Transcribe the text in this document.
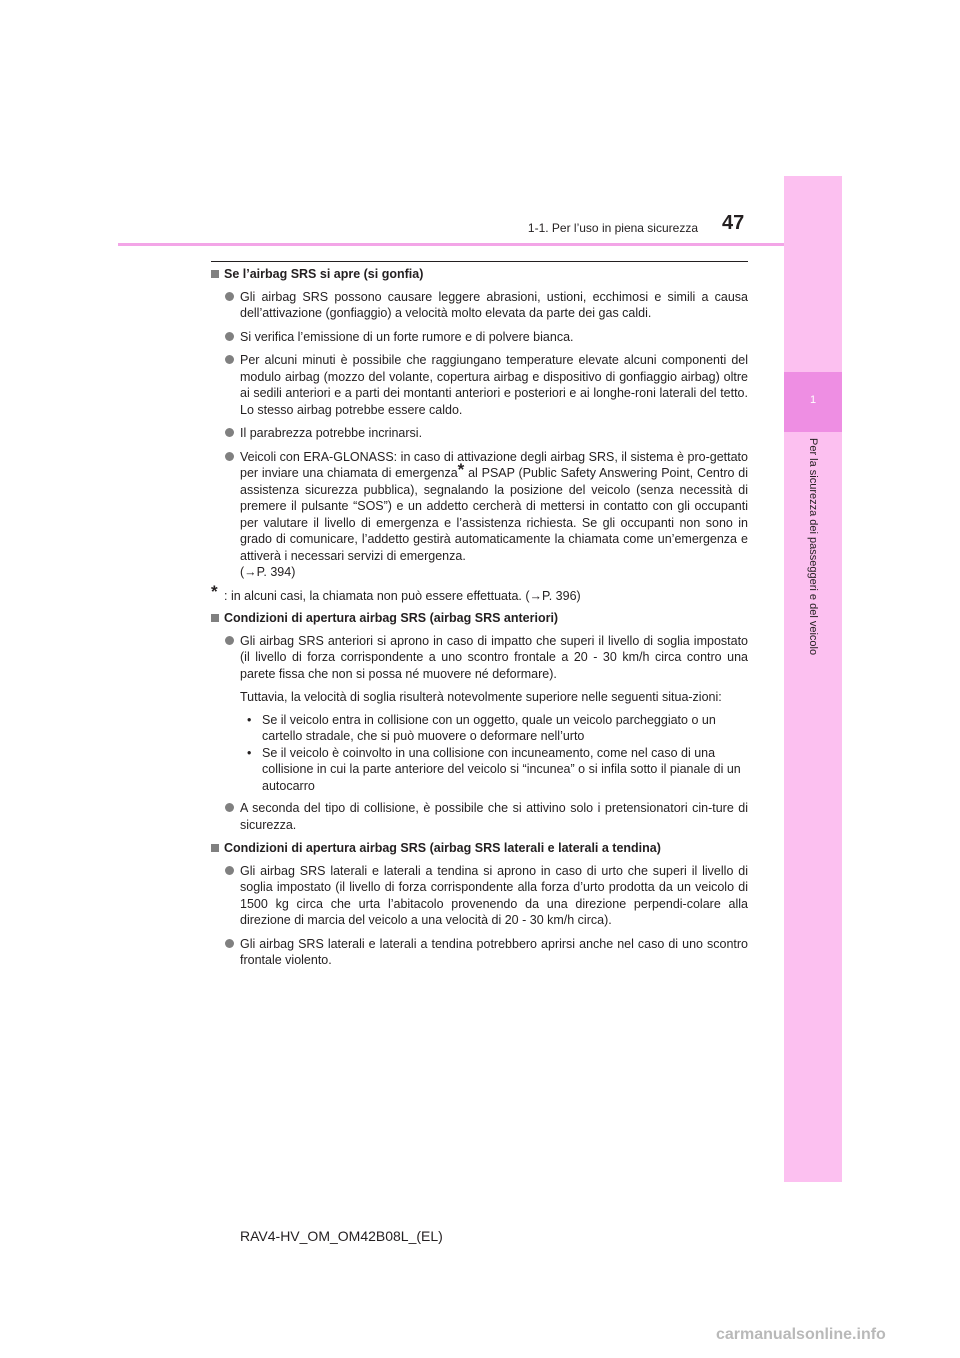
1
Per la sicurezza dei passeggeri e del veicolo
1-1. Per l’uso in piena sicurezza 47
Se l’airbag SRS si apre (si gonfia)
Gli airbag SRS possono causare leggere abrasioni, ustioni, ecchimosi e simili a causa dell’attivazione (gonfiaggio) a velocità molto elevata da parte dei gas caldi.
Si verifica l’emissione di un forte rumore e di polvere bianca.
Per alcuni minuti è possibile che raggiungano temperature elevate alcuni componenti del modulo airbag (mozzo del volante, copertura airbag e dispositivo di gonfiaggio airbag) oltre ai sedili anteriori e a parti dei montanti anteriori e posteriori e ai longhe-roni laterali del tetto. Lo stesso airbag potrebbe essere caldo.
Il parabrezza potrebbe incrinarsi.
Veicoli con ERA-GLONASS: in caso di attivazione degli airbag SRS, il sistema è pro-gettato per inviare una chiamata di emergenza* al PSAP (Public Safety Answering Point, Centro di assistenza sicurezza pubblica), segnalando la posizione del veicolo (senza necessità di premere il pulsante “SOS”) e un addetto cercherà di mettersi in contatto con gli occupanti per valutare il livello di emergenza e l’assistenza richiesta. Se gli occupanti non sono in grado di comunicare, l’addetto gestirà automaticamente la chiamata come un’emergenza e attiverà i necessari servizi di emergenza.
(→P. 394)
* : in alcuni casi, la chiamata non può essere effettuata. (→P. 396)
Condizioni di apertura airbag SRS (airbag SRS anteriori)
Gli airbag SRS anteriori si aprono in caso di impatto che superi il livello di soglia impostato (il livello di forza corrispondente a uno scontro frontale a 20 - 30 km/h circa contro una parete fissa che non si possa né muovere né deformare).
Tuttavia, la velocità di soglia risulterà notevolmente superiore nelle seguenti situa-zioni:
• Se il veicolo entra in collisione con un oggetto, quale un veicolo parcheggiato o un cartello stradale, che si può muovere o deformare nell’urto
• Se il veicolo è coinvolto in una collisione con incuneamento, come nel caso di una collisione in cui la parte anteriore del veicolo si “incunea” o si infila sotto il pianale di un autocarro
A seconda del tipo di collisione, è possibile che si attivino solo i pretensionatori cin-ture di sicurezza.
Condizioni di apertura airbag SRS (airbag SRS laterali e laterali a tendina)
Gli airbag SRS laterali e laterali a tendina si aprono in caso di urto che superi il livello di soglia impostato (il livello di forza corrispondente alla forza d’urto prodotta da un veicolo di 1500 kg circa che urta l’abitacolo provenendo da una direzione perpendi-colare alla direzione di marcia del veicolo a una velocità di 20 - 30 km/h circa).
Gli airbag SRS laterali e laterali a tendina potrebbero aprirsi anche nel caso di uno scontro frontale violento.
RAV4-HV_OM_OM42B08L_(EL)
carmanualsonline.info
